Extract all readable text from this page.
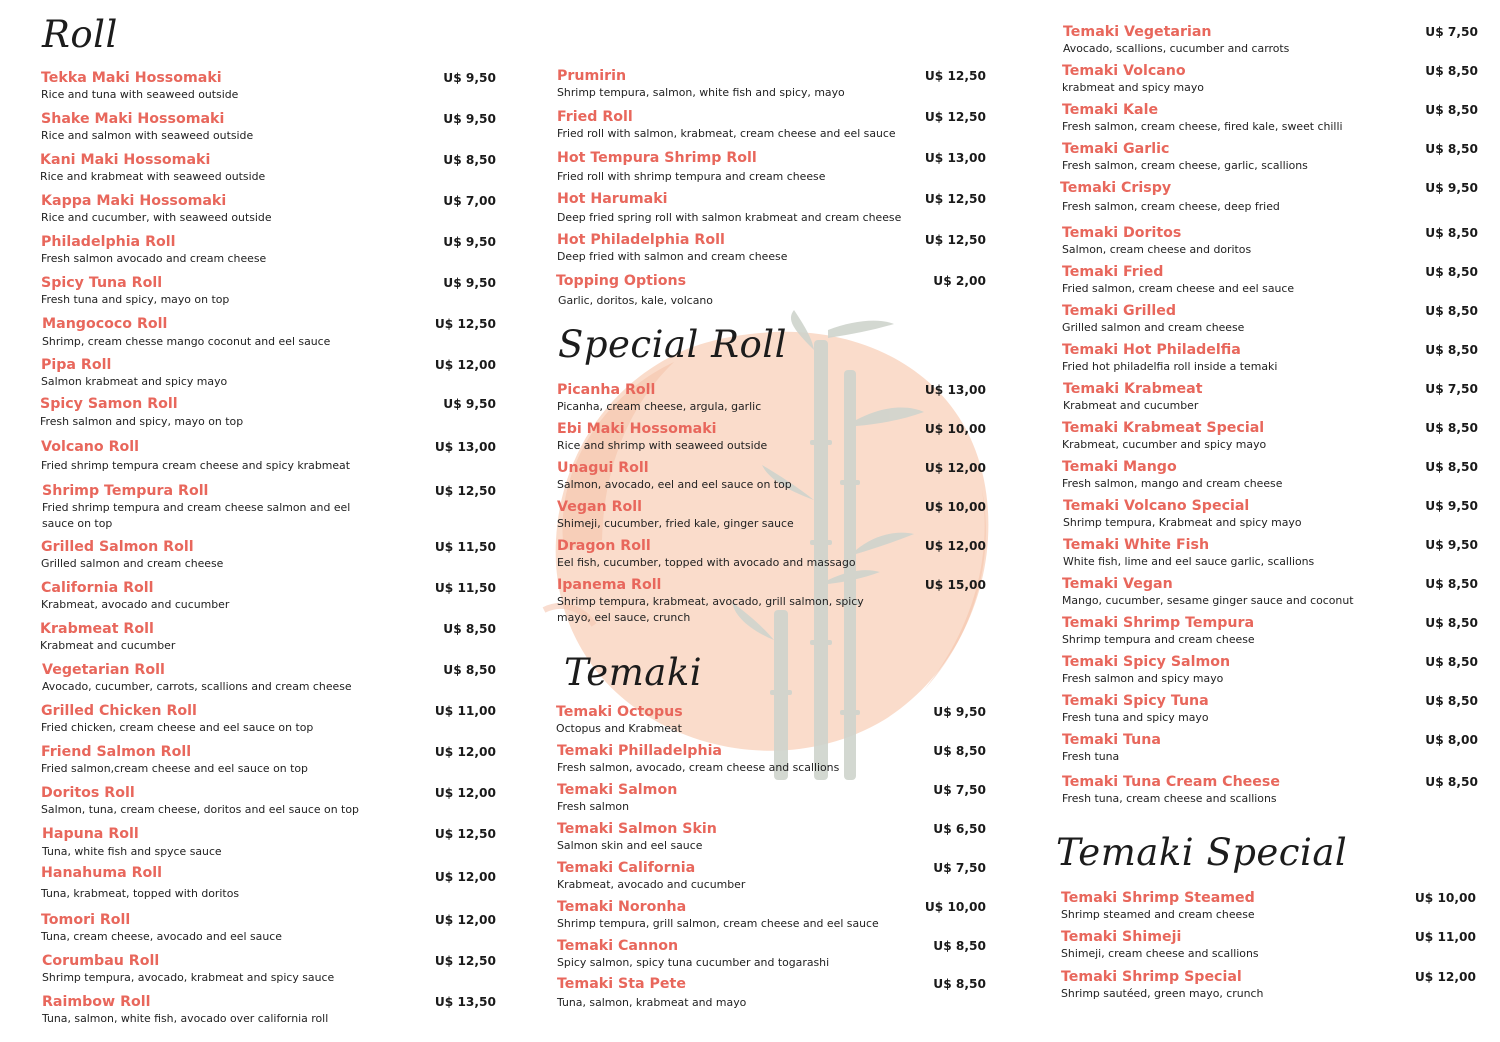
Roll
Tekka Maki Hossomaki	U$ 9,50
Rice and tuna with seaweed outside
Shake Maki Hossomaki	U$ 9,50
Rice and salmon with seaweed outside
Kani Maki Hossomaki	U$ 8,50
Rice and krabmeat with seaweed outside
Kappa Maki Hossomaki	U$ 7,00
Rice and cucumber, with seaweed outside
Philadelphia Roll	U$ 9,50
Fresh salmon avocado and cream cheese
Spicy Tuna Roll	U$ 9,50
Fresh tuna and spicy, mayo on top
Mangococo Roll	U$ 12,50
Shrimp, cream chesse mango coconut and eel sauce
Pipa Roll	U$ 12,00
Salmon krabmeat and spicy mayo
Spicy Samon Roll	U$ 9,50
Fresh salmon and spicy, mayo on top
Volcano Roll	U$ 13,00
Fried shrimp tempura cream cheese and spicy krabmeat
Shrimp Tempura Roll	U$ 12,50
Fried shrimp tempura and cream cheese salmon and eel sauce on top
Grilled Salmon Roll	U$ 11,50
Grilled salmon and cream cheese
California Roll	U$ 11,50
Krabmeat, avocado and cucumber
Krabmeat Roll	U$ 8,50
Krabmeat and cucumber
Vegetarian Roll	U$ 8,50
Avocado, cucumber, carrots, scallions and cream cheese
Grilled Chicken Roll	U$ 11,00
Fried chicken, cream cheese and eel sauce on top
Friend Salmon Roll	U$ 12,00
Fried salmon,cream cheese and eel sauce on top
Doritos Roll	U$ 12,00
Salmon, tuna, cream cheese, doritos and eel sauce on top
Hapuna Roll	U$ 12,50
Tuna, white fish and spyce sauce
Hanahuma Roll	U$ 12,00
Tuna, krabmeat, topped with doritos
Tomori Roll	U$ 12,00
Tuna, cream cheese, avocado and eel sauce
Corumbau Roll	U$ 12,50
Shrimp tempura, avocado, krabmeat and spicy sauce
Raimbow Roll	U$ 13,50
Tuna, salmon, white fish, avocado over california roll
Prumirin	U$ 12,50
Shrimp tempura, salmon, white fish and spicy, mayo
Fried Roll	U$ 12,50
Fried roll with salmon, krabmeat, cream cheese and eel sauce
Hot Tempura Shrimp Roll	U$ 13,00
Fried roll with shrimp tempura and cream cheese
Hot Harumaki	U$ 12,50
Deep fried spring roll with salmon krabmeat and cream cheese
Hot Philadelphia Roll	U$ 12,50
Deep fried with salmon and cream cheese
Topping Options	U$ 2,00
Garlic, doritos, kale, volcano
Special Roll
Picanha Roll	U$ 13,00
Picanha, cream cheese, argula, garlic
Ebi Maki Hossomaki	U$ 10,00
Rice and shrimp with seaweed outside
Unagui Roll	U$ 12,00
Salmon, avocado, eel and eel sauce on top
Vegan Roll	U$ 10,00
Shimeji, cucumber, fried kale, ginger sauce
Dragon Roll	U$ 12,00
Eel fish, cucumber, topped with avocado and massago
Ipanema Roll	U$ 15,00
Shrimp tempura, krabmeat, avocado, grill salmon, spicy mayo, eel sauce, crunch
Temaki
Temaki Octopus	U$ 9,50
Octopus and Krabmeat
Temaki Philladelphia	U$ 8,50
Fresh salmon, avocado, cream cheese and scallions
Temaki Salmon	U$ 7,50
Fresh salmon
Temaki Salmon Skin	U$ 6,50
Salmon skin and eel sauce
Temaki California	U$ 7,50
Krabmeat, avocado and cucumber
Temaki Noronha	U$ 10,00
Shrimp tempura, grill salmon, cream cheese and eel sauce
Temaki Cannon	U$ 8,50
Spicy salmon, spicy tuna cucumber and togarashi
Temaki Sta Pete	U$ 8,50
Tuna, salmon, krabmeat and mayo
Temaki Vegetarian	U$ 7,50
Avocado, scallions, cucumber and carrots
Temaki Volcano	U$ 8,50
krabmeat and spicy mayo
Temaki Kale	U$ 8,50
Fresh salmon, cream cheese, fired kale, sweet chilli
Temaki Garlic	U$ 8,50
Fresh salmon, cream cheese, garlic, scallions
Temaki Crispy	U$ 9,50
Fresh salmon, cream cheese, deep fried
Temaki Doritos	U$ 8,50
Salmon, cream cheese and doritos
Temaki Fried	U$ 8,50
Fried salmon, cream cheese and eel sauce
Temaki Grilled	U$ 8,50
Grilled salmon and cream cheese
Temaki Hot Philadelfia	U$ 8,50
Fried hot philadelfia roll inside a temaki
Temaki Krabmeat	U$ 7,50
Krabmeat and cucumber
Temaki Krabmeat Special	U$ 8,50
Krabmeat, cucumber and spicy mayo
Temaki Mango	U$ 8,50
Fresh salmon, mango and cream cheese
Temaki Volcano Special	U$ 9,50
Shrimp tempura, Krabmeat and spicy mayo
Temaki White Fish	U$ 9,50
White fish, lime and eel sauce garlic, scallions
Temaki Vegan	U$ 8,50
Mango, cucumber, sesame ginger sauce and coconut
Temaki Shrimp Tempura	U$ 8,50
Shrimp tempura and cream cheese
Temaki Spicy Salmon	U$ 8,50
Fresh salmon and spicy mayo
Temaki Spicy Tuna	U$ 8,50
Fresh tuna and spicy mayo
Temaki Tuna	U$ 8,00
Fresh tuna
Temaki Tuna Cream Cheese	U$ 8,50
Fresh tuna, cream cheese and scallions
Temaki Special
Temaki Shrimp Steamed	U$ 10,00
Shrimp steamed and cream cheese
Temaki Shimeji	U$ 11,00
Shimeji, cream cheese and scallions
Temaki Shrimp Special	U$ 12,00
Shrimp sautéed, green mayo, crunch
